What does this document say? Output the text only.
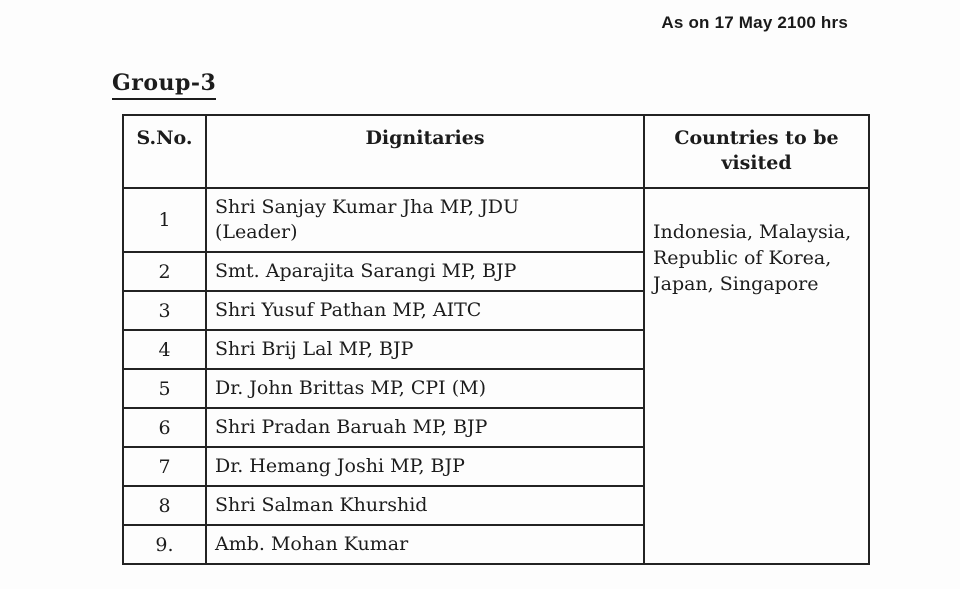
As on 17 May 2100 hrs
Group-3
S.No.	Dignitaries	Countries to be visited
1	Shri Sanjay Kumar Jha MP, JDU (Leader)	Indonesia, Malaysia, Republic of Korea, Japan, Singapore
2	Smt. Aparajita Sarangi MP, BJP	
3	Shri Yusuf Pathan MP, AITC	
4	Shri Brij Lal MP, BJP	
5	Dr. John Brittas MP, CPI (M)	
6	Shri Pradan Baruah MP, BJP	
7	Dr. Hemang Joshi MP, BJP	
8	Shri Salman Khurshid	
9.	Amb. Mohan Kumar	
